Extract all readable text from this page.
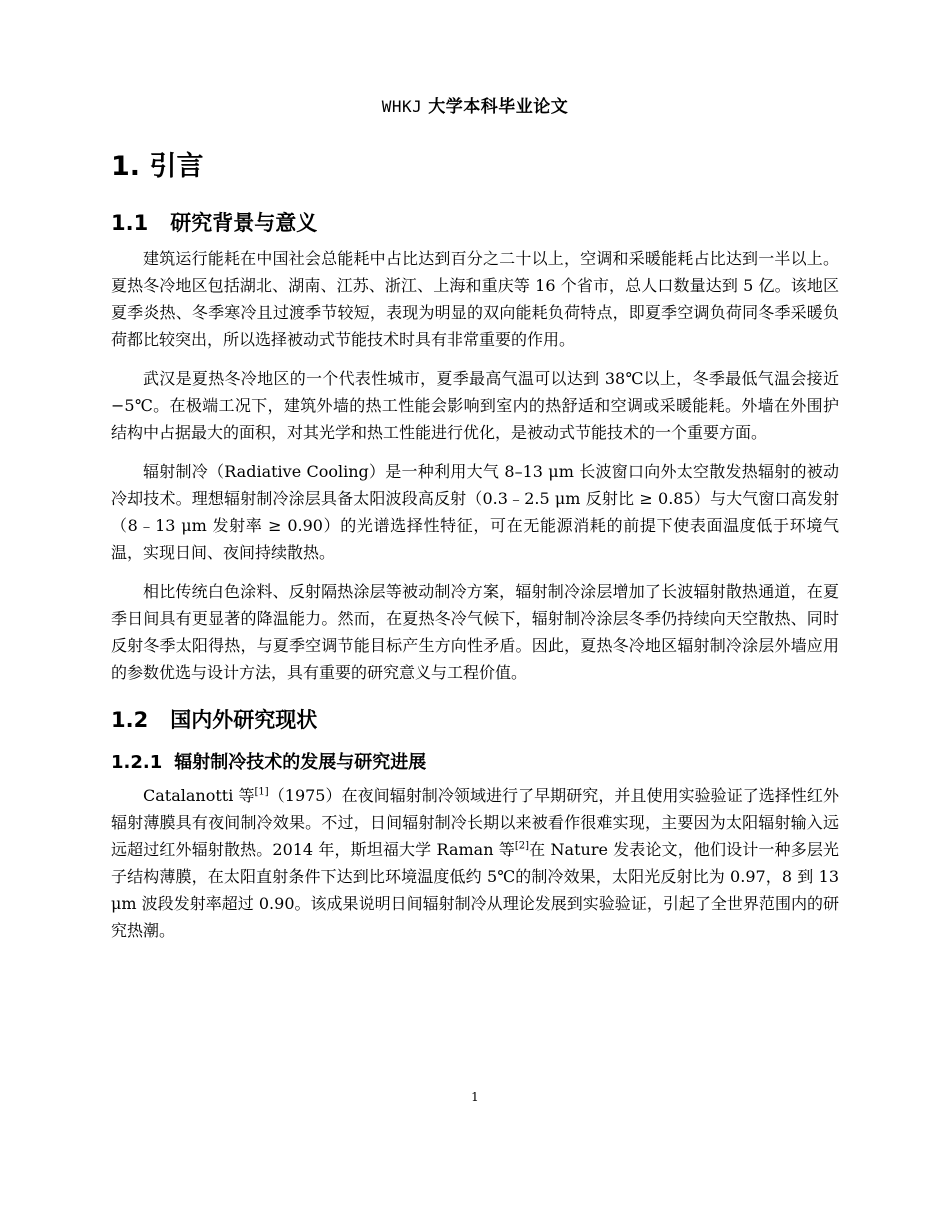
WHKJ 大学本科毕业论文
1. 引言
1.1 研究背景与意义

建筑运行能耗在中国社会总能耗中占比达到百分之二十以上，空调和采暖能耗占比达到一半以上。夏热冬冷地区包括湖北、湖南、江苏、浙江、上海和重庆等 16 个省市，总人口数量达到 5 亿。该地区夏季炎热、冬季寒冷且过渡季节较短，表现为明显的双向能耗负荷特点，即夏季空调负荷同冬季采暖负荷都比较突出，所以选择被动式节能技术时具有非常重要的作用。

武汉是夏热冬冷地区的一个代表性城市，夏季最高气温可以达到 38℃以上，冬季最低气温会接近−5℃。在极端工况下，建筑外墙的热工性能会影响到室内的热舒适和空调或采暖能耗。外墙在外围护结构中占据最大的面积，对其光学和热工性能进行优化，是被动式节能技术的一个重要方面。

辐射制冷（Radiative Cooling）是一种利用大气 8–13 μm 长波窗口向外太空散发热辐射的被动冷却技术。理想辐射制冷涂层具备太阳波段高反射（0.3﹣2.5 μm 反射比 ≥ 0.85）与大气窗口高发射（8﹣13 μm 发射率 ≥ 0.90）的光谱选择性特征，可在无能源消耗的前提下使表面温度低于环境气温，实现日间、夜间持续散热。

相比传统白色涂料、反射隔热涂层等被动制冷方案，辐射制冷涂层增加了长波辐射散热通道，在夏季日间具有更显著的降温能力。然而，在夏热冬冷气候下，辐射制冷涂层冬季仍持续向天空散热、同时反射冬季太阳得热，与夏季空调节能目标产生方向性矛盾。因此，夏热冬冷地区辐射制冷涂层外墙应用的参数优选与设计方法，具有重要的研究意义与工程价值。

1.2 国内外研究现状
1.2.1 辐射制冷技术的发展与研究进展

Catalanotti 等[1]（1975）在夜间辐射制冷领域进行了早期研究，并且使用实验验证了选择性红外辐射薄膜具有夜间制冷效果。不过，日间辐射制冷长期以来被看作很难实现，主要因为太阳辐射输入远远超过红外辐射散热。2014 年，斯坦福大学 Raman 等[2]在 Nature 发表论文，他们设计一种多层光子结构薄膜，在太阳直射条件下达到比环境温度低约 5℃的制冷效果，太阳光反射比为 0.97，8 到 13 μm 波段发射率超过 0.90。该成果说明日间辐射制冷从理论发展到实验验证，引起了全世界范围内的研究热潮。

1
